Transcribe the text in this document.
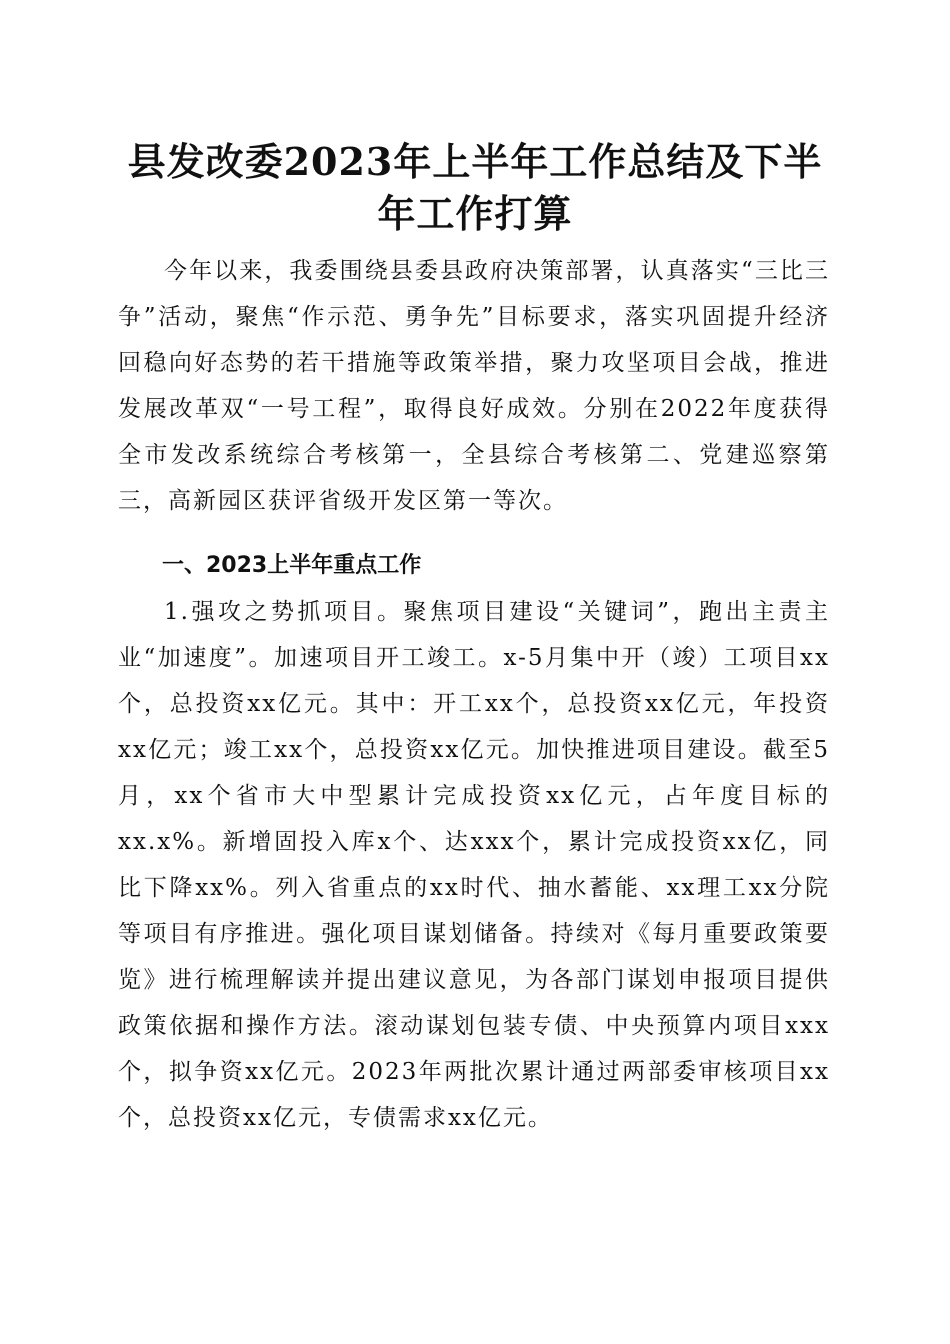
县发改委2023年上半年工作总结及下半年工作打算

今年以来，我委围绕县委县政府决策部署，认真落实“三比三争”活动，聚焦“作示范、勇争先”目标要求，落实巩固提升经济回稳向好态势的若干措施等政策举措，聚力攻坚项目会战，推进发展改革双“一号工程”，取得良好成效。分别在2022年度获得全市发改系统综合考核第一，全县综合考核第二、党建巡察第三，高新园区获评省级开发区第一等次。

一、2023上半年重点工作

1.强攻之势抓项目。聚焦项目建设“关键词”，跑出主责主业“加速度”。加速项目开工竣工。x-5月集中开（竣）工项目xx个，总投资xx亿元。其中：开工xx个，总投资xx亿元，年投资xx亿元；竣工xx个，总投资xx亿元。加快推进项目建设。截至5月，xx个省市大中型累计完成投资xx亿元，占年度目标的xx.x%。新增固投入库x个、达xxx个，累计完成投资xx亿，同比下降xx%。列入省重点的xx时代、抽水蓄能、xx理工xx分院等项目有序推进。强化项目谋划储备。持续对《每月重要政策要览》进行梳理解读并提出建议意见，为各部门谋划申报项目提供政策依据和操作方法。滚动谋划包装专债、中央预算内项目xxx个，拟争资xx亿元。2023年两批次累计通过两部委审核项目xx个，总投资xx亿元，专债需求xx亿元。
